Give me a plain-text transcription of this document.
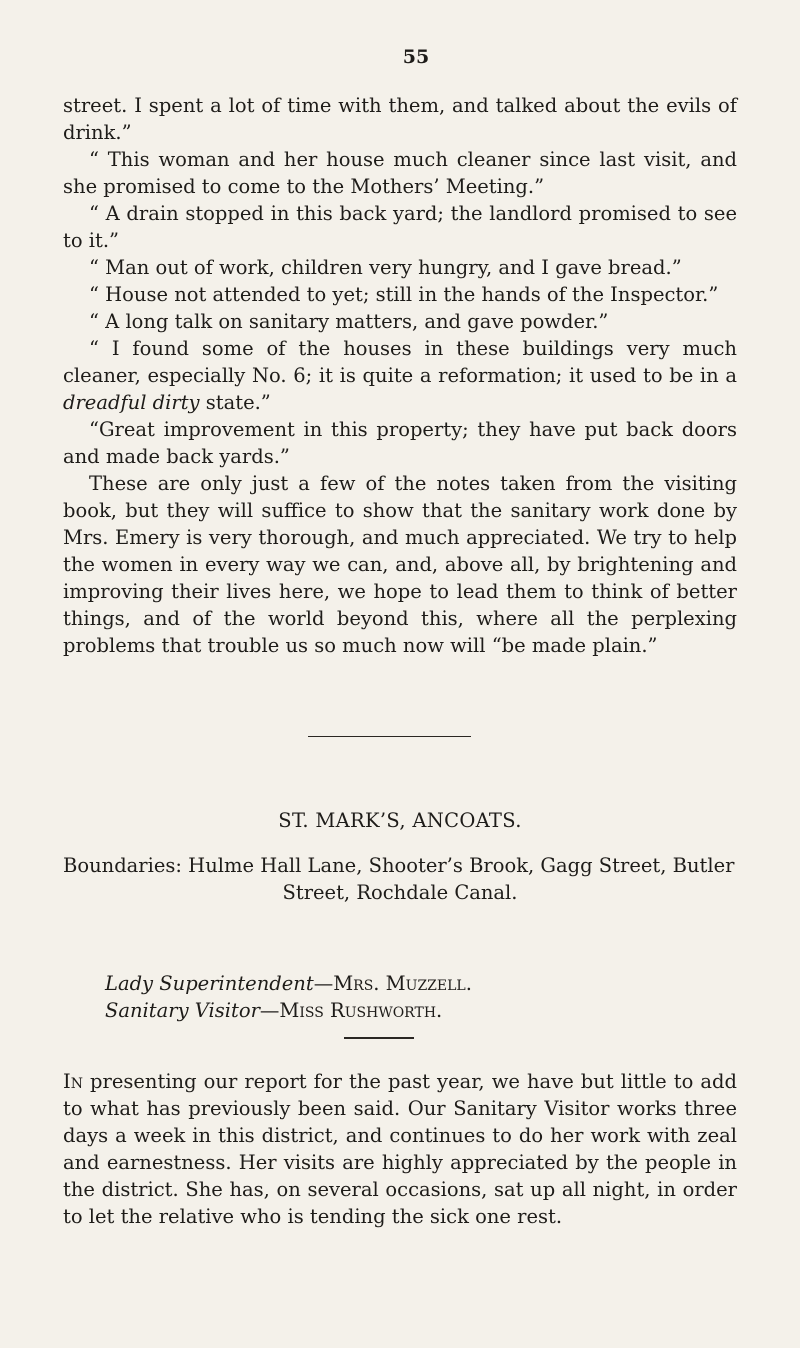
55

street. I spent a lot of time with them, and talked about the evils of drink.”

“ This woman and her house much cleaner since last visit, and she promised to come to the Mothers’ Meeting.”

“ A drain stopped in this back yard; the landlord promised to see to it.”

“ Man out of work, children very hungry, and I gave bread.”

“ House not attended to yet; still in the hands of the Inspector.”

“ A long talk on sanitary matters, and gave powder.”

“ I found some of the houses in these buildings very much cleaner, especially No. 6; it is quite a reformation; it used to be in a dreadful dirty state.”

“Great improvement in this property; they have put back doors and made back yards.”

These are only just a few of the notes taken from the visiting book, but they will suffice to show that the sanitary work done by Mrs. Emery is very thorough, and much appreciated. We try to help the women in every way we can, and, above all, by brightening and improving their lives here, we hope to lead them to think of better things, and of the world beyond this, where all the perplexing problems that trouble us so much now will “be made plain.”

ST. MARK’S, ANCOATS.
Boundaries: Hulme Hall Lane, Shooter’s Brook, Gagg Street, Butler
Street, Rochdale Canal.
Lady Superintendent—Mrs. Muzzell.
Sanitary Visitor—Miss Rushworth.

In presenting our report for the past year, we have but little to add to what has previously been said. Our Sanitary Visitor works three days a week in this district, and continues to do her work with zeal and earnestness. Her visits are highly appreciated by the people in the district. She has, on several occasions, sat up all night, in order to let the relative who is tending the sick one rest.
